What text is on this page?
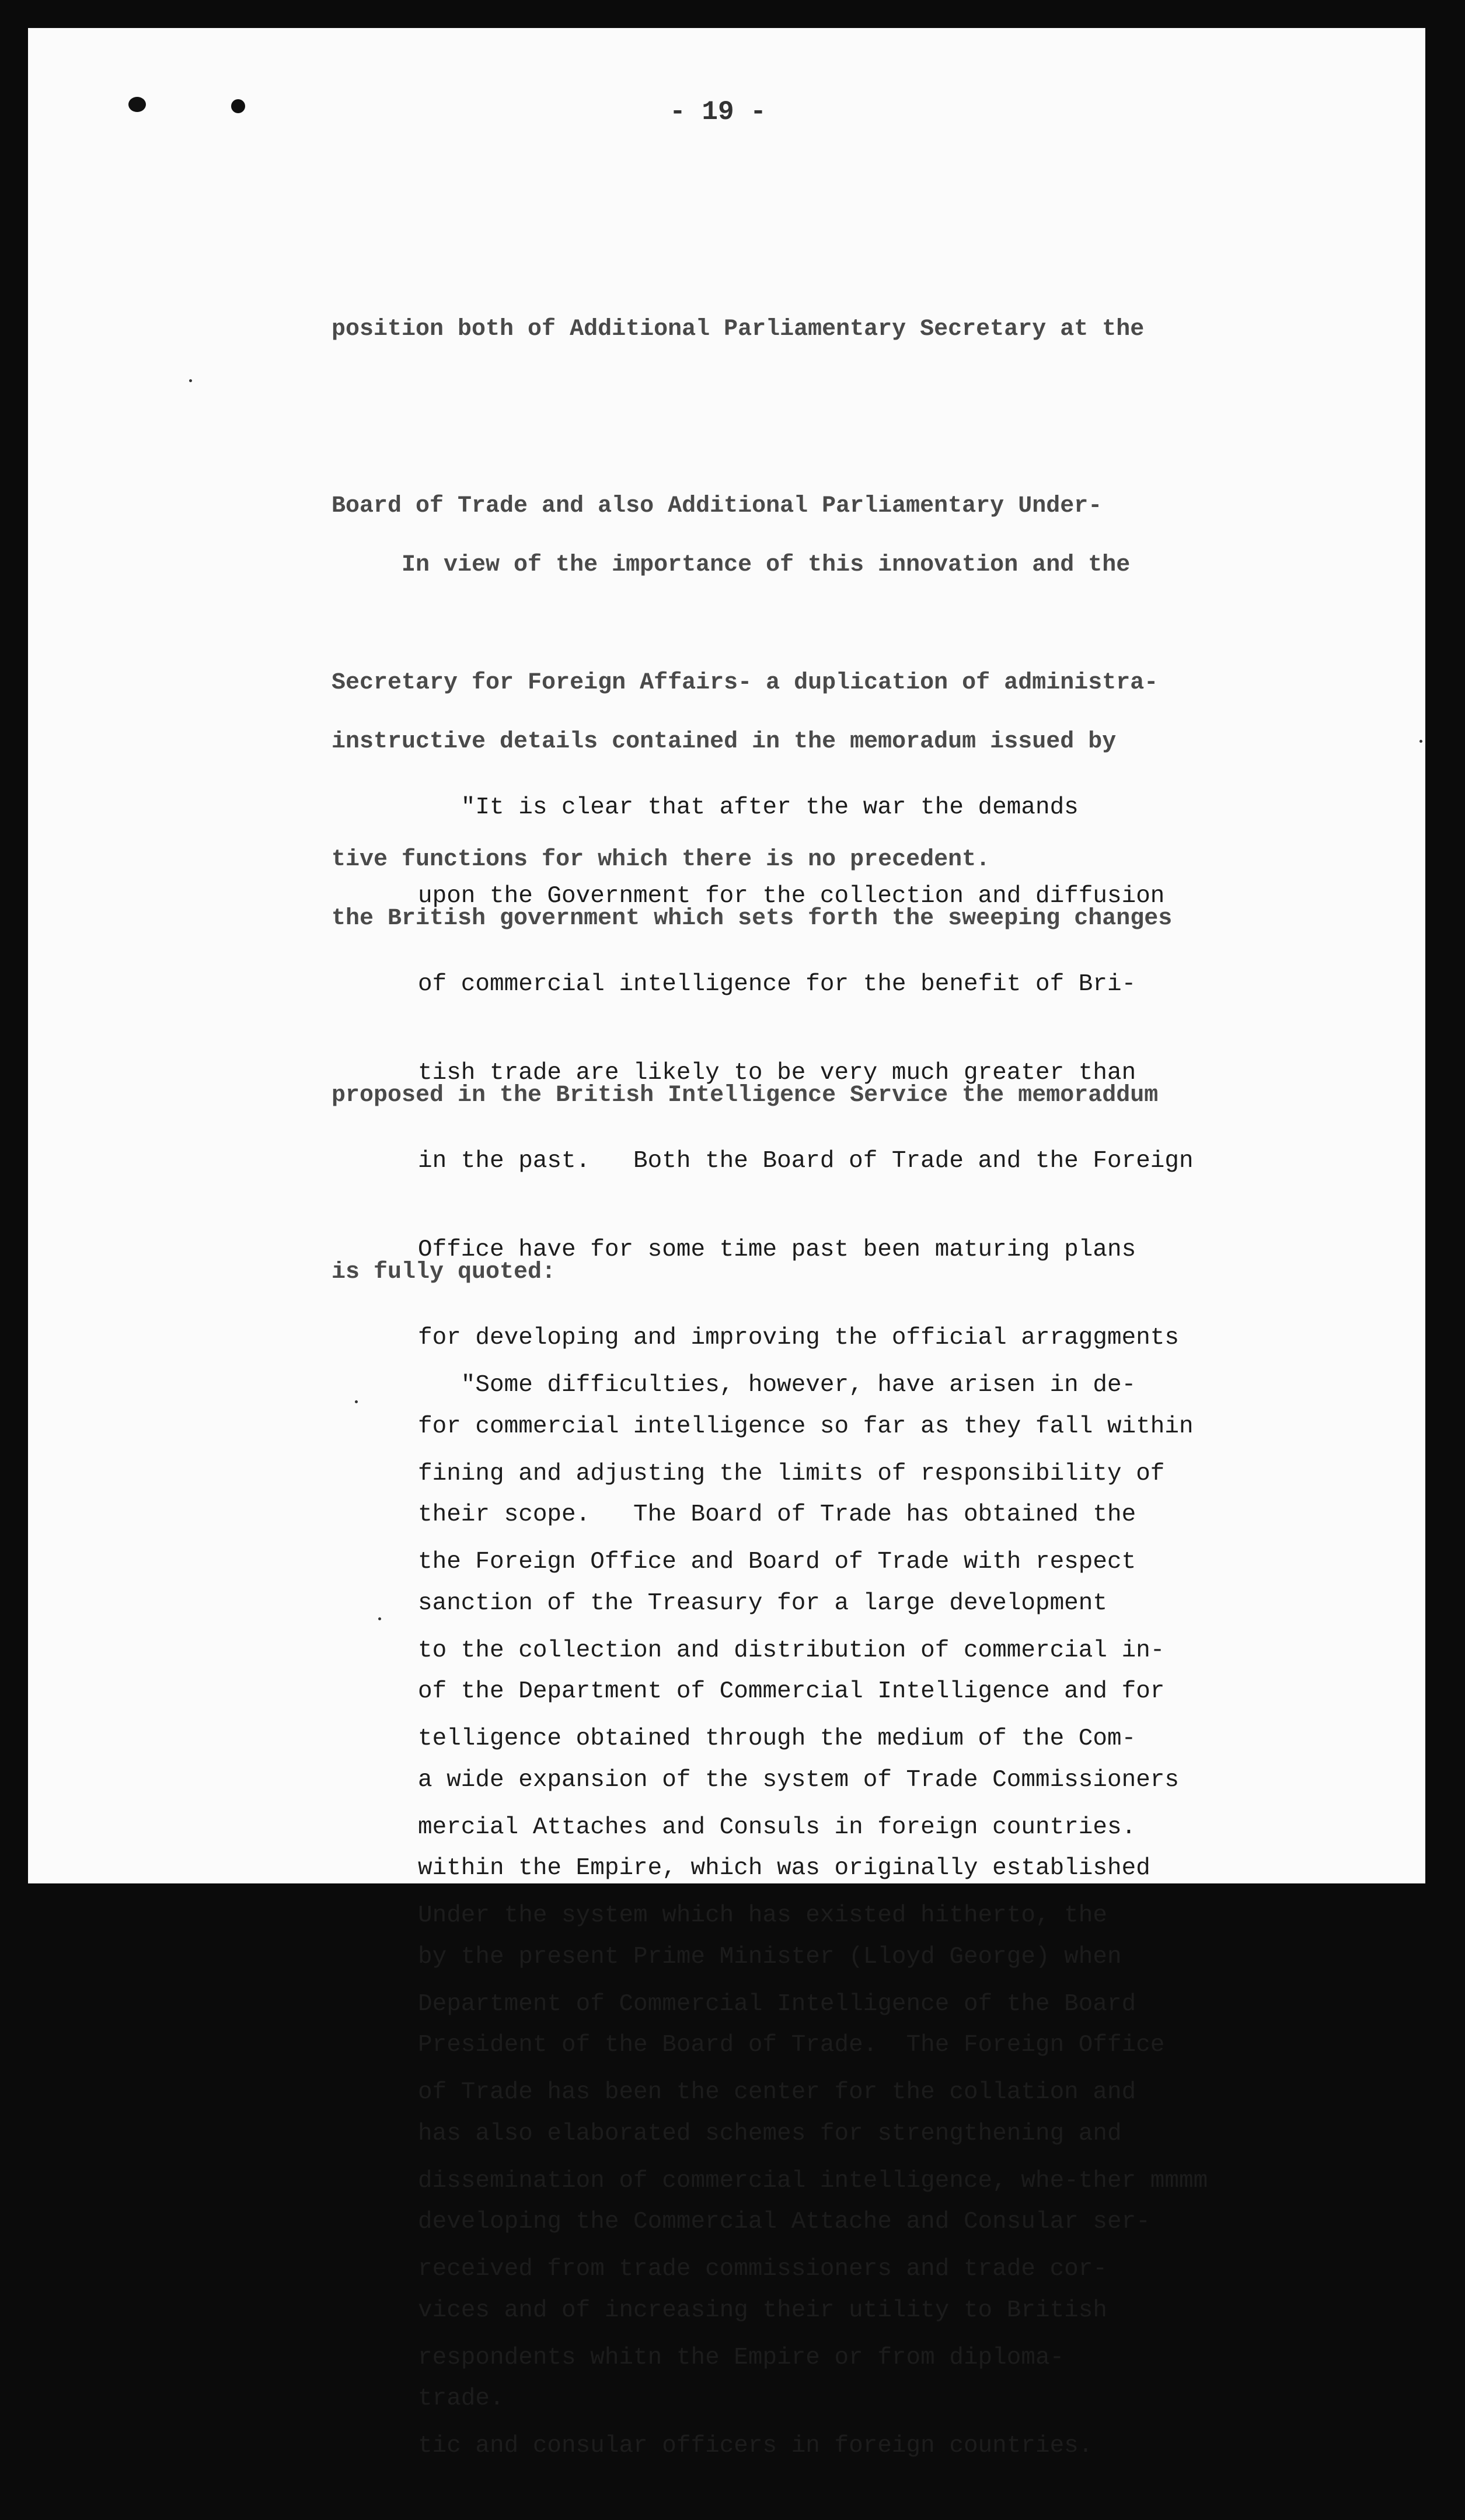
- 19 -

position both of Additional Parliamentary Secretary at the

Board of Trade and also Additional Parliamentary Under-

Secretary for Foreign Affairs- a duplication of administra-

tive functions for which there is no precedent.

In view of the importance of this innovation and the

instructive details contained in the memoradum issued by

the British government which sets forth the sweeping changes

proposed in the British Intelligence Service the memoraddum

is fully quoted:

"It is clear that after the war the demands

upon the Government for the collection and diffusion

of commercial intelligence for the benefit of Bri-

tish trade are likely to be very much greater than

in the past.   Both the Board of Trade and the Foreign

Office have for some time past been maturing plans

for developing and improving the official arraggments

for commercial intelligence so far as they fall within

their scope.   The Board of Trade has obtained the

sanction of the Treasury for a large development

of the Department of Commercial Intelligence and for

a wide expansion of the system of Trade Commissioners

within the Empire, which was originally established

by the present Prime Minister (Lloyd George) when

President of the Board of Trade.  The Foreign Office

has also elaborated schemes for strengthening and

developing the Commercial Attache and Consular ser-

vices and of increasing their utility to British

trade.

"Some difficulties, however, have arisen in de-

fining and adjusting the limits of responsibility of

the Foreign Office and Board of Trade with respect

to the collection and distribution of commercial in-

telligence obtained through the medium of the Com-

mercial Attaches and Consuls in foreign countries.

Under the system which has existed hitherto, the

Department of Commercial Intelligence of the Board

of Trade has been the center for the collation and

dissemination of commercial intelligence, whe-ther mmmm

received from trade commissioners and trade cor-

respondents whitn the Empire or from diploma-

tic and consular officers in foreign countries.
